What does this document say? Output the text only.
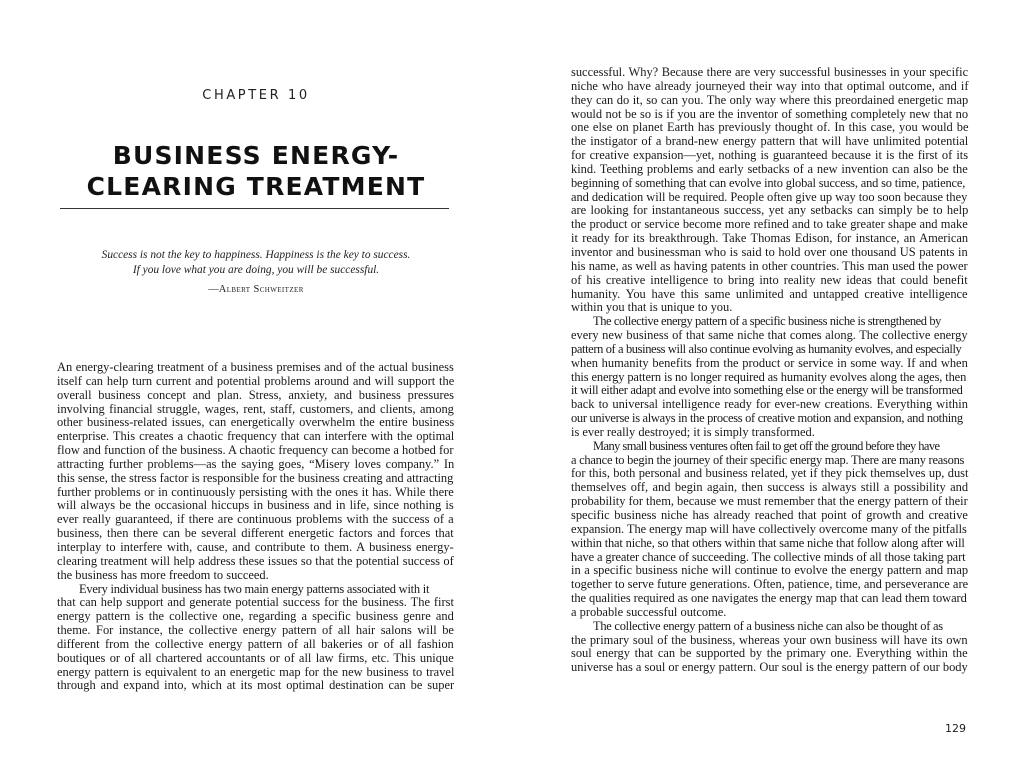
CHAPTER 10
BUSINESS ENERGY-
CLEARING TREATMENT
Success is not the key to happiness. Happiness is the key to success.
If you love what you are doing, you will be successful.
—Albert Schweitzer
An energy-clearing treatment of a business premises and of the actual business
itself can help turn current and potential problems around and will support the
overall business concept and plan. Stress, anxiety, and business pressures
involving financial struggle, wages, rent, staff, customers, and clients, among
other business-related issues, can energetically overwhelm the entire business
enterprise. This creates a chaotic frequency that can interfere with the optimal
flow and function of the business. A chaotic frequency can become a hotbed for
attracting further problems—as the saying goes, “Misery loves company.” In
this sense, the stress factor is responsible for the business creating and attracting
further problems or in continuously persisting with the ones it has. While there
will always be the occasional hiccups in business and in life, since nothing is
ever really guaranteed, if there are continuous problems with the success of a
business, then there can be several different energetic factors and forces that
interplay to interfere with, cause, and contribute to them. A business energy-
clearing treatment will help address these issues so that the potential success of
the business has more freedom to succeed.
Every individual business has two main energy patterns associated with it
that can help support and generate potential success for the business. The first
energy pattern is the collective one, regarding a specific business genre and
theme. For instance, the collective energy pattern of all hair salons will be
different from the collective energy pattern of all bakeries or of all fashion
boutiques or of all chartered accountants or of all law firms, etc. This unique
energy pattern is equivalent to an energetic map for the new business to travel
through and expand into, which at its most optimal destination can be super
successful. Why? Because there are very successful businesses in your specific
niche who have already journeyed their way into that optimal outcome, and if
they can do it, so can you. The only way where this preordained energetic map
would not be so is if you are the inventor of something completely new that no
one else on planet Earth has previously thought of. In this case, you would be
the instigator of a brand-new energy pattern that will have unlimited potential
for creative expansion—yet, nothing is guaranteed because it is the first of its
kind. Teething problems and early setbacks of a new invention can also be the
beginning of something that can evolve into global success, and so time, patience,
and dedication will be required. People often give up way too soon because they
are looking for instantaneous success, yet any setbacks can simply be to help
the product or service become more refined and to take greater shape and make
it ready for its breakthrough. Take Thomas Edison, for instance, an American
inventor and businessman who is said to hold over one thousand US patents in
his name, as well as having patents in other countries. This man used the power
of his creative intelligence to bring into reality new ideas that could benefit
humanity. You have this same unlimited and untapped creative intelligence
within you that is unique to you.
The collective energy pattern of a specific business niche is strengthened by
every new business of that same niche that comes along. The collective energy
pattern of a business will also continue evolving as humanity evolves, and especially
when humanity benefits from the product or service in some way. If and when
this energy pattern is no longer required as humanity evolves along the ages, then
it will either adapt and evolve into something else or the energy will be transformed
back to universal intelligence ready for ever-new creations. Everything within
our universe is always in the process of creative motion and expansion, and nothing
is ever really destroyed; it is simply transformed.
Many small business ventures often fail to get off the ground before they have
a chance to begin the journey of their specific energy map. There are many reasons
for this, both personal and business related, yet if they pick themselves up, dust
themselves off, and begin again, then success is always still a possibility and
probability for them, because we must remember that the energy pattern of their
specific business niche has already reached that point of growth and creative
expansion. The energy map will have collectively overcome many of the pitfalls
within that niche, so that others within that same niche that follow along after will
have a greater chance of succeeding. The collective minds of all those taking part
in a specific business niche will continue to evolve the energy pattern and map
together to serve future generations. Often, patience, time, and perseverance are
the qualities required as one navigates the energy map that can lead them toward
a probable successful outcome.
The collective energy pattern of a business niche can also be thought of as
the primary soul of the business, whereas your own business will have its own
soul energy that can be supported by the primary one. Everything within the
universe has a soul or energy pattern. Our soul is the energy pattern of our body
129
